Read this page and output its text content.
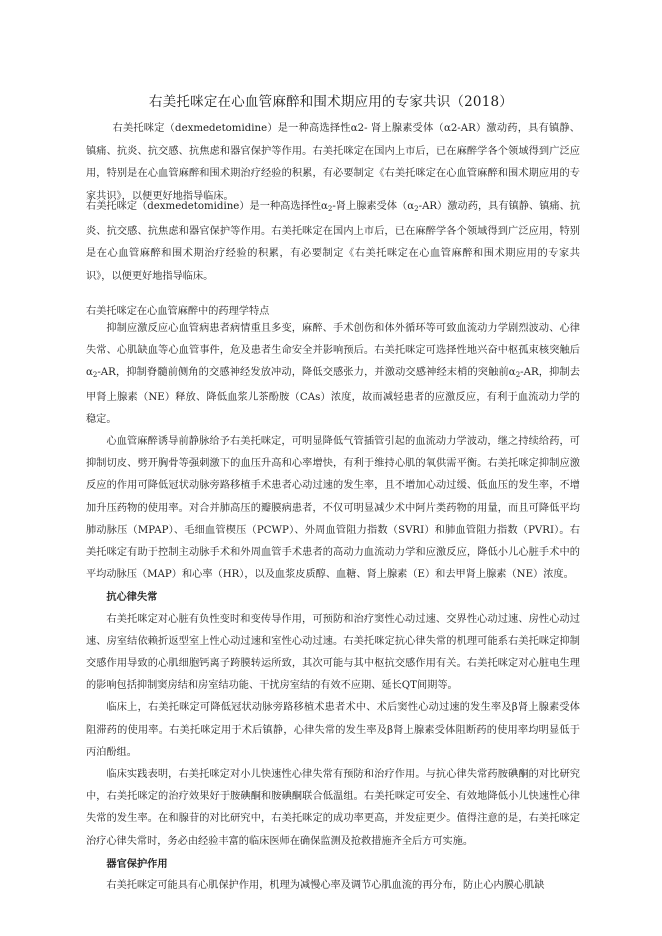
右美托咪定在心血管麻醉和围术期应用的专家共识（2018）

右美托咪定（dexmedetomidine）是一种高选择性α2- 肾上腺素受体（α2-AR）激动药，具有镇静、镇痛、抗炎、抗交感、抗焦虑和器官保护等作用。右美托咪定在国内上市后，已在麻醉学各个领域得到广泛应用，特别是在心血管麻醉和围术期治疗经验的积累，有必要制定《右美托咪定在心血管麻醉和围术期应用的专家共识》，以便更好地指导临床。

右美托咪定（dexmedetomidine）是一种高选择性$\alpha_2-$肾上腺素受体$(\alpha_2-AR)$激动药，具有镇静、镇痛、抗炎、抗交感、抗焦虑和器官保护等作用。右美托咪定在国内上市后，已在麻醉学各个领域得到广泛应用，特别是在心血管麻醉和围术期治疗经验的积累，有必要制定《右美托咪定在心血管麻醉和围术期应用的专家共识》，以便更好地指导临床。

右美托咪定在心血管麻醉中的药理学特点

抑制应激反应心血管病患者病情重且多变，麻醉、手术创伤和体外循环等可致血流动力学剧烈波动、心律失常、心肌缺血等心血管事件，危及患者生命安全并影响预后。右美托咪定可选择性地兴奋中枢孤束核突触后$\alpha_2-AR$，抑制脊髓前侧角的交感神经发放冲动，降低交感张力，并激动交感神经末梢的突触前$\alpha_2-AR$，抑制去甲肾上腺素（NE）释放、降低血浆儿茶酚胺（CAs）浓度，故而减轻患者的应激反应，有利于血流动力学的稳定。

心血管麻醉诱导前静脉给予右美托咪定，可明显降低气管插管引起的血流动力学波动，继之持续给药，可抑制切皮、劈开胸骨等强刺激下的血压升高和心率增快，有利于维持心肌的氧供需平衡。右美托咪定抑制应激反应的作用可降低冠状动脉旁路移植手术患者心动过速的发生率，且不增加心动过缓、低血压的发生率，不增加升压药物的使用率。对合并肺高压的瓣膜病患者，不仅可明显减少术中阿片类药物的用量，而且可降低平均肺动脉压（MPAP）、毛细血管楔压（PCWP）、外周血管阻力指数（SVRI）和肺血管阻力指数（PVRI）。右美托咪定有助于控制主动脉手术和外周血管手术患者的高动力血流动力学和应激反应，降低小儿心脏手术中的平均动脉压（MAP）和心率（HR），以及血浆皮质醇、血糖、肾上腺素（E）和去甲肾上腺素（NE）浓度。

抗心律失常

右美托咪定对心脏有负性变时和变传导作用，可预防和治疗窦性心动过速、交界性心动过速、房性心动过速、房室结依赖折返型室上性心动过速和室性心动过速。右美托咪定抗心律失常的机理可能系右美托咪定抑制交感作用导致的心肌细胞钙离子跨膜转运所致，其次可能与其中枢抗交感作用有关。右美托咪定对心脏电生理的影响包括抑制窦房结和房室结功能、干扰房室结的有效不应期、延长QT间期等。

临床上，右美托咪定可降低冠状动脉旁路移植术患者术中、术后窦性心动过速的发生率及β肾上腺素受体阻滞药的使用率。右美托咪定用于术后镇静，心律失常的发生率及β肾上腺素受体阻断药的使用率均明显低于丙泊酚组。

临床实践表明，右美托咪定对小儿快速性心律失常有预防和治疗作用。与抗心律失常药胺碘酮的对比研究中，右美托咪定的治疗效果好于胺碘酮和胺碘酮联合低温组。右美托咪定可安全、有效地降低小儿快速性心律失常的发生率。在和腺苷的对比研究中，右美托咪定的成功率更高，并发症更少。值得注意的是，右美托咪定治疗心律失常时，务必由经验丰富的临床医师在确保监测及抢救措施齐全后方可实施。

器官保护作用

右美托咪定可能具有心肌保护作用，机理为减慢心率及调节心肌血流的再分布，防止心内膜心肌缺
